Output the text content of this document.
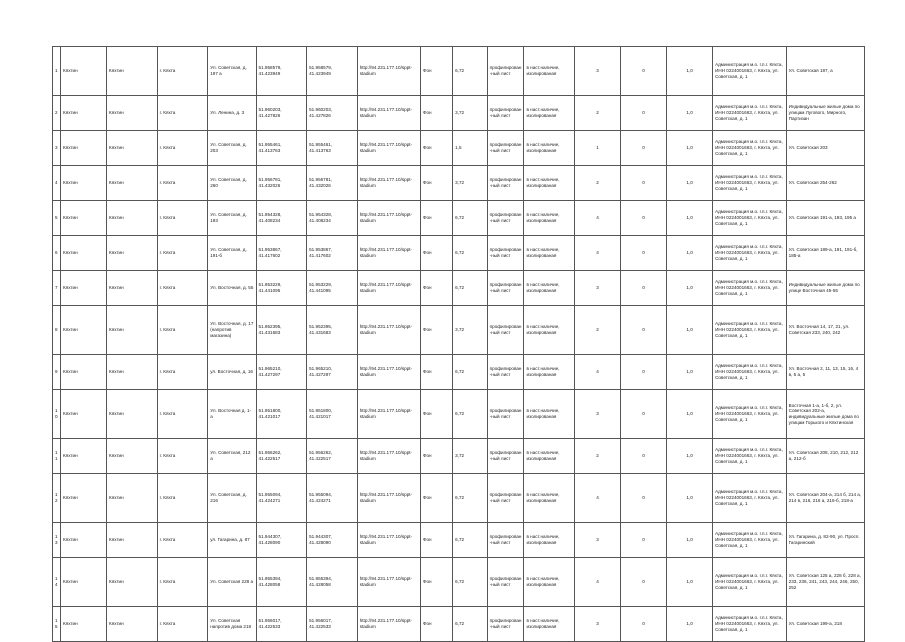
1	Кяхтин	Кяхтин	г. Кяхта	Ул. Советская, д. 197 а	51.958579, 41.423949	51.958579, 41.423949	http://94.231.177.10/​sppt-stadium	Фон	6,72	профилирован-ный лист	в наст.наличие, изолированая	3	0	1,0	Администрация м.о. г.п.г. Кяхта, ИНН 0224001663, г. Кяхта, ул. Советская, д. 1	Ул. Советская 197, а
2	Кяхтин	Кяхтин	г. Кяхта	Ул. Ленина, д. 3	51.960203, 41.427826	51.960203, 41.427826	http://94.231.177.10/​sppt-stadium	Фон	3,72	профилирован-ный лист	в наст.наличие, изолированая	2	0	1,0	Администрация м.о. г.п.г. Кяхта, ИНН 0224001663, г. Кяхта, ул. Советская, д. 1	Индивидуальные жилые дома по улицам Лугового, Мирного, Партизан
3	Кяхтин	Кяхтин	г. Кяхта	Ул. Советская, д. 203	51.955461, 41.413763	51.955461, 41.413763	http://94.231.177.10/​sppt-stadium	Фон	1,5	профилирован-ный лист	в наст.наличие, изолированая	1	0	1,0	Администрация м.о. г.п.г. Кяхта, ИНН 0224001663, г. Кяхта, ул. Советская, д. 1	Ул. Советская 203
4	Кяхтин	Кяхтин	г. Кяхта	Ул. Советская, д. 260	51.956781, 41.432026	51.956781, 41.432026	http://94.231.177.10/​sppt-stadium	Фон	3,72	профилирован-ный лист	в наст.наличие, изолированая	2	0	1,0	Администрация м.о. г.п.г. Кяхта, ИНН 0224001663, г. Кяхта, ул. Советская, д. 1	Ул. Советская 254-262
5	Кяхтин	Кяхтин	г. Кяхта	Ул. Советская, д. 193	51.954328, 41.408234	51.954328, 41.408234	http://94.231.177.10/​sppt-stadium	Фон	6,72	профилирован-ный лист	в наст.наличие, изолированая	4	0	1,0	Администрация м.о. г.п.г. Кяхта, ИНН 0224001663, г. Кяхта, ул. Советская, д. 1	Ул. Советская 191-а, 193, 195 а
6	Кяхтин	Кяхтин	г. Кяхта	Ул. Советская, д. 191-б	51.953867, 41.417602	51.953867, 41.417602	http://94.231.177.10/​sppt-stadium	Фон	6,72	профилирован-ный лист	в наст.наличие, изолированая	4	0	1,0	Администрация м.о. г.п.г. Кяхта, ИНН 0224001663, г. Кяхта, ул. Советская, д. 1	Ул. Советская 189-а, 191, 191-б, 185-а
7	Кяхтин	Кяхтин	г. Кяхта	Ул. Восточная, д. 55	51.953229, 41.441095	51.953229, 41.441095	http://94.231.177.10/​sppt-stadium	Фон	6,72	профилирован-ный лист	в наст.наличие, изолированая	3	0	1,0	Администрация м.о. г.п.г. Кяхта, ИНН 0224001663, г. Кяхта, ул. Советская, д. 1	Индивидуальные жилые дома по улице Восточная 45-55
8	Кяхтин	Кяхтин	г. Кяхта	Ул. Восточная, д. 17 (напротив магазина)	51.952395, 41.431683	51.952395, 41.431683	http://94.231.177.10/​sppt-stadium	Фон	3,72	профилирован-ный лист	в наст.наличие, изолированая	2	0	1,0	Администрация м.о. г.п.г. Кяхта, ИНН 0224001663, г. Кяхта, ул. Советская, д. 1	Ул. Восточная 14, 17, 21, ул. Советская 233, 240, 242
9	Кяхтин	Кяхтин	г. Кяхта	ул. Восточная, д. 16	51.965210, 41.427297	51.965210, 41.427297	http://94.231.177.10/​sppt-stadium	Фон	6,72	профилирован-ный лист	в наст.наличие, изолированая	4	0	1,0	Администрация м.о. г.п.г. Кяхта, ИНН 0224001663, г. Кяхта, ул. Советская, д. 1	Ул. Восточная 2, 11, 13, 15, 16, 4 в, 5 а, 5
10	Кяхтин	Кяхтин	г. Кяхта	Ул. Восточная д. 1-а	51.951800, 41.421017	51.951800, 41.421017	http://94.231.177.10/​sppt-stadium	Фон	6,72	профилирован-ный лист	в наст.наличие, изолированая	3	0	1,0	Администрация м.о. г.п.г. Кяхта, ИНН 0224001663, г. Кяхта, ул. Советская, д. 1	Восточная 1-а, 1-б, 2, ул. Советская 202-а, индивидуальные жилые дома по улицам Горького и Кяхтинская
11	Кяхтин	Кяхтин	г. Кяхта	Ул. Советская, 212 а	51.956262, 41.422517	51.956262, 41.422517	http://94.231.177.10/​sppt-stadium	Фон	3,72	профилирован-ный лист	в наст.наличие, изолированая	2	0	1,0	Администрация м.о. г.п.г. Кяхта, ИНН 0224001663, г. Кяхта, ул. Советская, д. 1	Ул. Советская 208, 210, 212, 212 а, 212-б
12	Кяхтин	Кяхтин	г. Кяхта	Ул. Советская, д. 216	51.955094, 41.424271	51.955094, 41.424271	http://94.231.177.10/​sppt-stadium	Фон	6,72	профилирован-ный лист	в наст.наличие, изолированая	4	0	1,0	Администрация м.о. г.п.г. Кяхта, ИНН 0224001663, г. Кяхта, ул. Советская, д. 1	Ул. Советская 204-а, 214 б, 214 а, 214 в, 216, 216 а, 216-б, 218-а
13	Кяхтин	Кяхтин	г. Кяхта	ул. Гагарина, д. 87	51.944307, 41.428090	51.944307, 41.428090	http://94.231.177.10/​sppt-stadium	Фон	6,72	профилирован-ный лист	в наст.наличие, изолированая	3	0	1,0	Администрация м.о. г.п.г. Кяхта, ИНН 0224001663, г. Кяхта, ул. Советская, д. 1	Ул. Гагарина, д. 82-90, ул. Просп. Гагаринский
14	Кяхтин	Кяхтин	г. Кяхта	Ул. Советская 228 а	51.955394, 41.428058	51.955394, 41.428058	http://94.231.177.10/​sppt-stadium	Фон	6,72	профилирован-ный лист	в наст.наличие, изолированая	4	0	1,0	Администрация м.о. г.п.г. Кяхта, ИНН 0224001663, г. Кяхта, ул. Советская, д. 1	Ул. Советская 125 а, 228 б, 228 а, 233, 236, 241, 243, 244, 246, 250, 252
15	Кяхтин	Кяхтин	г. Кяхта	Ул. Советская напротив дома 218	51.956017, 41.422533	51.956017, 41.422533	http://94.231.177.10/​sppt-stadium	Фон	6,72	профилирован-ный лист	в наст.наличие, изолированая	3	0	1,0	Администрация м.о. г.п.г. Кяхта, ИНН 0224001663, г. Кяхта, ул. Советская, д. 1	Ул. Советская 199-а, 218
